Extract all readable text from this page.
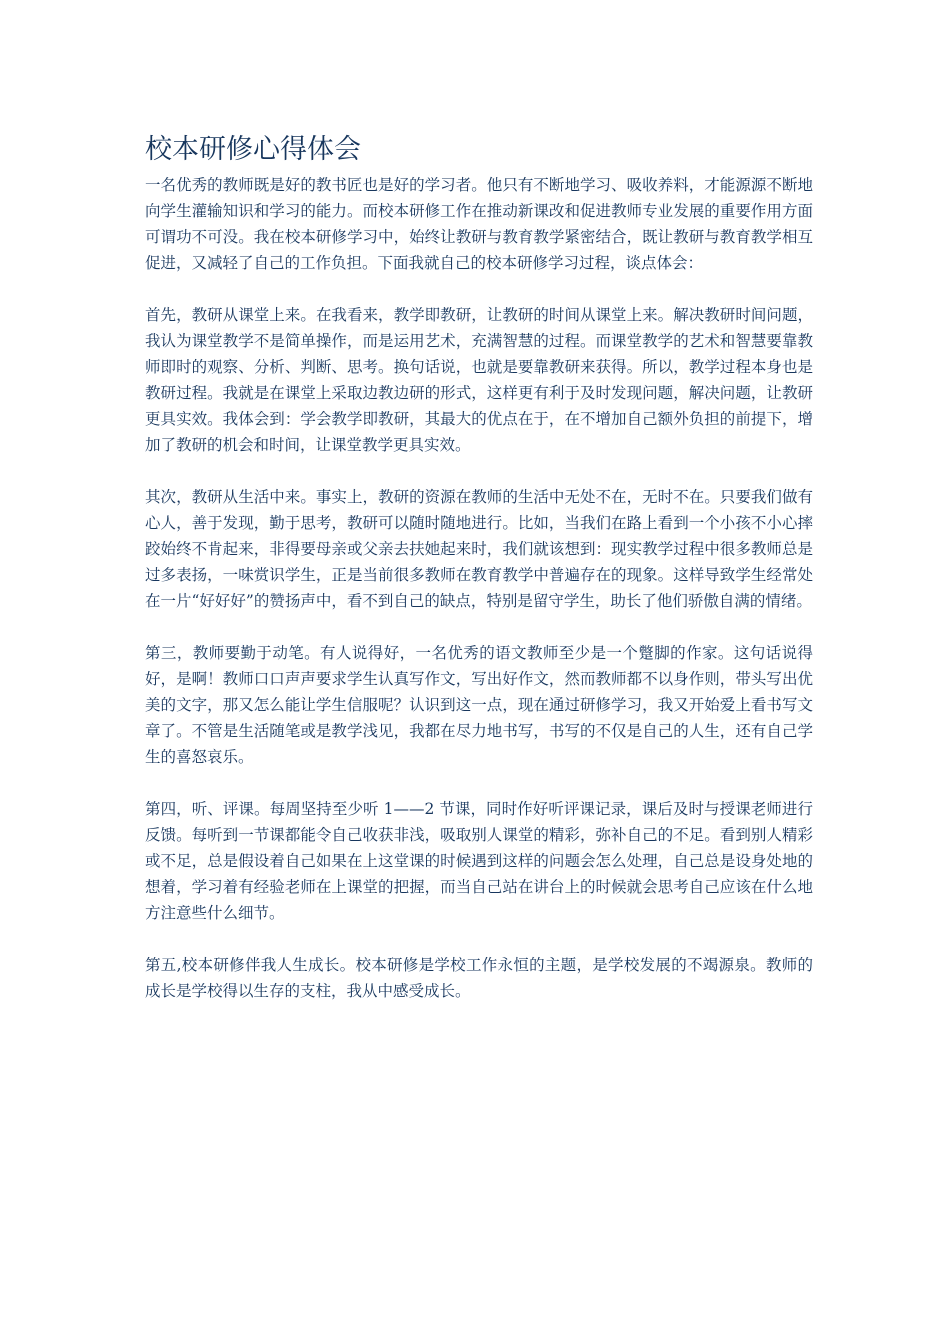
校本研修心得体会

一名优秀的教师既是好的教书匠也是好的学习者。他只有不断地学习、吸收养料，才能源源不断地向学生灌输知识和学习的能力。而校本研修工作在推动新课改和促进教师专业发展的重要作用方面可谓功不可没。我在校本研修学习中，始终让教研与教育教学紧密结合，既让教研与教育教学相互促进，又减轻了自己的工作负担。下面我就自己的校本研修学习过程，谈点体会：

首先，教研从课堂上来。在我看来，教学即教研，让教研的时间从课堂上来。解决教研时间问题，我认为课堂教学不是简单操作，而是运用艺术，充满智慧的过程。而课堂教学的艺术和智慧要靠教师即时的观察、分析、判断、思考。换句话说，也就是要靠教研来获得。所以，教学过程本身也是教研过程。我就是在课堂上采取边教边研的形式，这样更有利于及时发现问题，解决问题，让教研更具实效。我体会到：学会教学即教研，其最大的优点在于，在不增加自己额外负担的前提下，增加了教研的机会和时间，让课堂教学更具实效。

其次，教研从生活中来。事实上，教研的资源在教师的生活中无处不在，无时不在。只要我们做有心人，善于发现，勤于思考，教研可以随时随地进行。比如，当我们在路上看到一个小孩不小心摔跤始终不肯起来，非得要母亲或父亲去扶她起来时，我们就该想到：现实教学过程中很多教师总是过多表扬，一味赏识学生，正是当前很多教师在教育教学中普遍存在的现象。这样导致学生经常处在一片“好好好”的赞扬声中，看不到自己的缺点，特别是留守学生，助长了他们骄傲自满的情绪。

第三，教师要勤于动笔。有人说得好，一名优秀的语文教师至少是一个蹩脚的作家。这句话说得好，是啊！教师口口声声要求学生认真写作文，写出好作文，然而教师都不以身作则，带头写出优美的文字，那又怎么能让学生信服呢？认识到这一点，现在通过研修学习，我又开始爱上看书写文章了。不管是生活随笔或是教学浅见，我都在尽力地书写，书写的不仅是自己的人生，还有自己学生的喜怒哀乐。

第四，听、评课。每周坚持至少听 1——2 节课，同时作好听评课记录，课后及时与授课老师进行反馈。每听到一节课都能令自己收获非浅，吸取别人课堂的精彩，弥补自己的不足。看到别人精彩或不足，总是假设着自己如果在上这堂课的时候遇到这样的问题会怎么处理，自己总是设身处地的想着，学习着有经验老师在上课堂的把握，而当自己站在讲台上的时候就会思考自己应该在什么地方注意些什么细节。

第五,校本研修伴我人生成长。校本研修是学校工作永恒的主题，是学校发展的不竭源泉。教师的成长是学校得以生存的支柱，我从中感受成长。
